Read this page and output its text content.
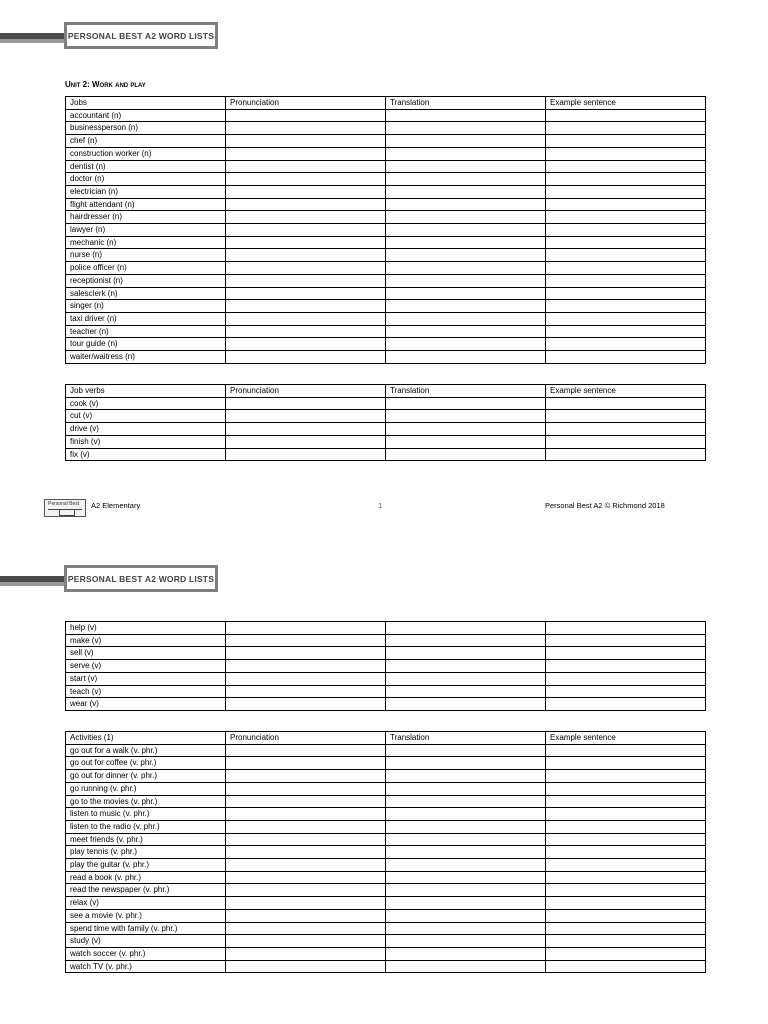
PERSONAL BEST A2 WORD LISTS
Unit 2: Work and play
Jobs	Pronunciation	Translation	Example sentence
accountant (n)			
businessperson (n)			
chef (n)			
construction worker (n)			
dentist (n)			
doctor (n)			
electrician (n)			
flight attendant (n)			
hairdresser (n)			
lawyer (n)			
mechanic (n)			
nurse (n)			
police officer (n)			
receptionist (n)			
salesclerk (n)			
singer (n)			
taxi driver (n)			
teacher (n)			
tour guide (n)			
waiter/waitress (n)			
Job verbs	Pronunciation	Translation	Example sentence
cook (v)			
cut (v)			
drive (v)			
finish (v)			
fix (v)			
Personal Best A2 Elementary	1	Personal Best A2 © Richmond 2018
PERSONAL BEST A2 WORD LISTS
help (v)			
make (v)			
sell (v)			
serve (v)			
start (v)			
teach (v)			
wear (v)			
Activities (1)	Pronunciation	Translation	Example sentence
go out for a walk (v. phr.)			
go out for coffee (v. phr.)			
go out for dinner (v. phr.)			
go running (v. phr.)			
go to the movies (v. phr.)			
listen to music (v. phr.)			
listen to the radio (v. phr.)			
meet friends (v. phr.)			
play tennis (v. phr.)			
play the guitar (v. phr.)			
read a book (v. phr.)			
read the newspaper (v. phr.)			
relax (v)			
see a movie (v. phr.)			
spend time with family (v. phr.)			
study (v)			
watch soccer (v. phr.)			
watch TV (v. phr.)			
